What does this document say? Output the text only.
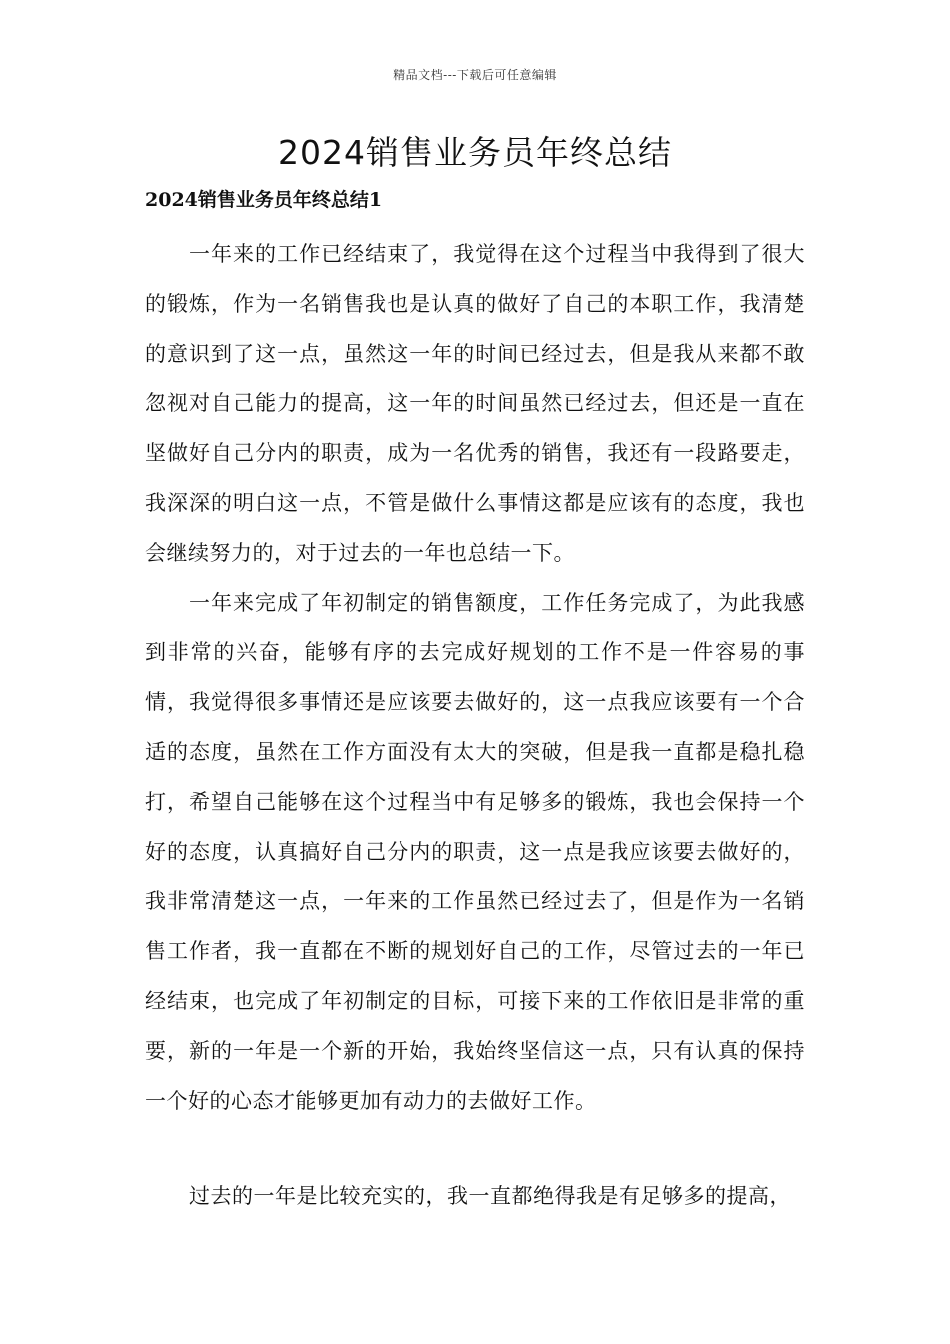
精品文档---下载后可任意编辑
2024销售业务员年终总结
2024销售业务员年终总结1

一年来的工作已经结束了，我觉得在这个过程当中我得到了很大的锻炼，作为一名销售我也是认真的做好了自己的本职工作，我清楚的意识到了这一点，虽然这一年的时间已经过去，但是我从来都不敢忽视对自己能力的提高，这一年的时间虽然已经过去，但还是一直在坚做好自己分内的职责，成为一名优秀的销售，我还有一段路要走，我深深的明白这一点，不管是做什么事情这都是应该有的态度，我也会继续努力的，对于过去的一年也总结一下。

一年来完成了年初制定的销售额度，工作任务完成了，为此我感到非常的兴奋，能够有序的去完成好规划的工作不是一件容易的事情，我觉得很多事情还是应该要去做好的，这一点我应该要有一个合适的态度，虽然在工作方面没有太大的突破，但是我一直都是稳扎稳打，希望自己能够在这个过程当中有足够多的锻炼，我也会保持一个好的态度，认真搞好自己分内的职责，这一点是我应该要去做好的，我非常清楚这一点，一年来的工作虽然已经过去了，但是作为一名销售工作者，我一直都在不断的规划好自己的工作，尽管过去的一年已经结束，也完成了年初制定的目标，可接下来的工作依旧是非常的重要，新的一年是一个新的开始，我始终坚信这一点，只有认真的保持一个好的心态才能够更加有动力的去做好工作。

过去的一年是比较充实的，我一直都绝得我是有足够多的提高，
